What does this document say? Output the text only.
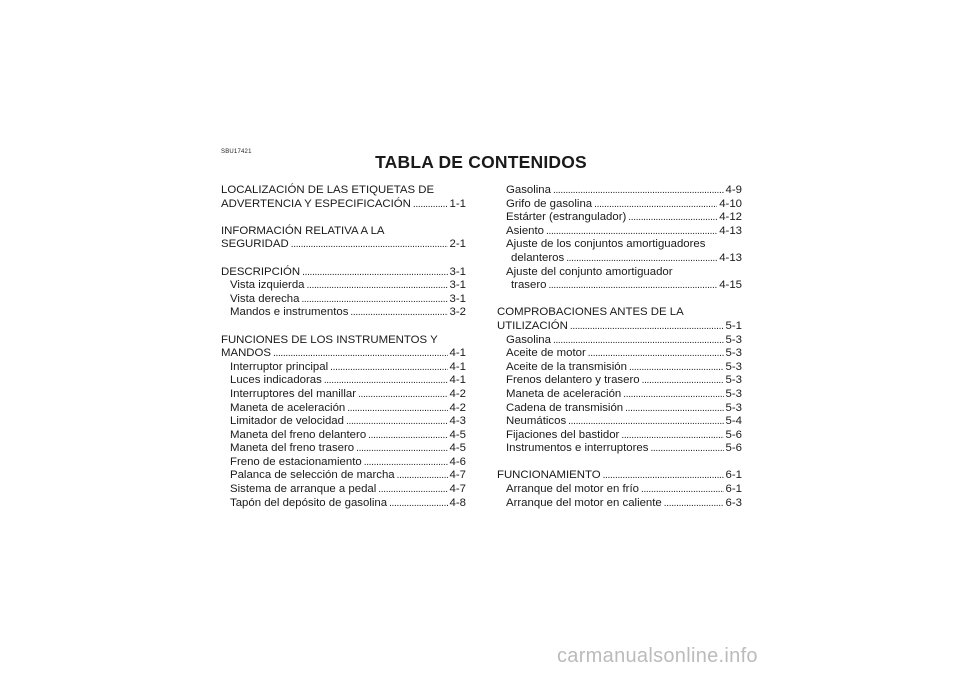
SBU17421	TABLA DE CONTENIDOS
LOCALIZACIÓN DE LAS ETIQUETAS DE
ADVERTENCIA Y ESPECIFICACIÓN .....	1-1
INFORMACIÓN RELATIVA A LA
SEGURIDAD .....	2-1
DESCRIPCIÓN .....	3-1
Vista izquierda .....	3-1
Vista derecha .....	3-1
Mandos e instrumentos .....	3-2
FUNCIONES DE LOS INSTRUMENTOS Y
MANDOS .....	4-1
Interruptor principal .....	4-1
Luces indicadoras .....	4-1
Interruptores del manillar .....	4-2
Maneta de aceleración .....	4-2
Limitador de velocidad .....	4-3
Maneta del freno delantero .....	4-5
Maneta del freno trasero .....	4-5
Freno de estacionamiento .....	4-6
Palanca de selección de marcha .....	4-7
Sistema de arranque a pedal .....	4-7
Tapón del depósito de gasolina .....	4-8
Gasolina .....	4-9
Grifo de gasolina .....	4-10
Estárter (estrangulador) .....	4-12
Asiento .....	4-13
Ajuste de los conjuntos amortiguadores
delanteros .....	4-13
Ajuste del conjunto amortiguador
trasero .....	4-15
COMPROBACIONES ANTES DE LA
UTILIZACIÓN .....	5-1
Gasolina .....	5-3
Aceite de motor .....	5-3
Aceite de la transmisión .....	5-3
Frenos delantero y trasero .....	5-3
Maneta de aceleración .....	5-3
Cadena de transmisión .....	5-3
Neumáticos .....	5-4
Fijaciones del bastidor .....	5-6
Instrumentos e interruptores .....	5-6
FUNCIONAMIENTO .....	6-1
Arranque del motor en frío .....	6-1
Arranque del motor en caliente .....	6-3
carmanualsonline.info
